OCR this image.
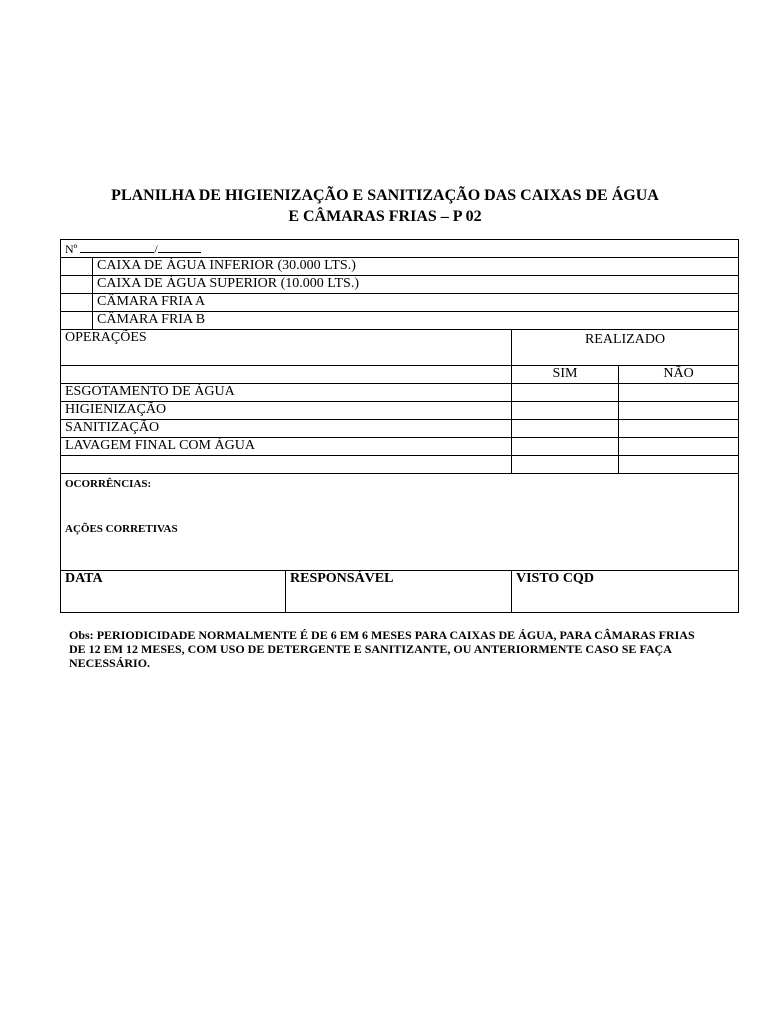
PLANILHA DE HIGIENIZAÇÃO E SANITIZAÇÃO DAS CAIXAS DE ÁGUA
E CÂMARAS FRIAS – P 02
Nº /				
	CAIXA DE ÁGUA INFERIOR (30.000 LTS.)			
	CAIXA DE ÁGUA SUPERIOR (10.000 LTS.)			
	CÂMARA FRIA A			
	CÂMARA FRIA B			
OPERAÇÕES			REALIZADO	
			SIM	NÃO
ESGOTAMENTO DE ÁGUA				
HIGIENIZAÇÃO				
SANITIZAÇÃO				
LAVAGEM FINAL COM ÁGUA				

OCORRÊNCIAS:
AÇÕES CORRETIVAS				

DATA		RESPONSÁVEL	VISTO CQD	
Obs: PERIODICIDADE NORMALMENTE É DE 6 EM 6 MESES PARA CAIXAS DE ÁGUA, PARA CÂMARAS FRIAS DE 12 EM 12 MESES, COM USO DE DETERGENTE E SANITIZANTE, OU ANTERIORMENTE CASO SE FAÇA NECESSÁRIO.
